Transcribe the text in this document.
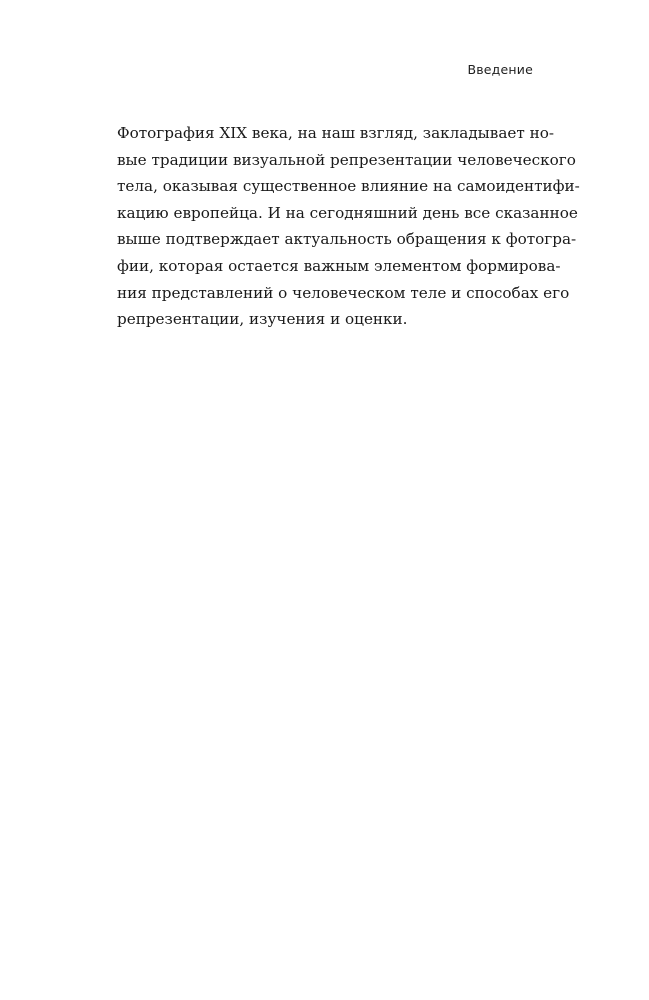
Введение
Фотография XIX века, на наш взгляд, закладывает но-
вые традиции визуальной репрезентации человеческого
тела, оказывая существенное влияние на самоидентифи-
кацию европейца. И на сегодняшний день все сказанное
выше подтверждает актуальность обращения к фотогра-
фии, которая остается важным элементом формирова-
ния представлений о человеческом теле и способах его
репрезентации, изучения и оценки.
